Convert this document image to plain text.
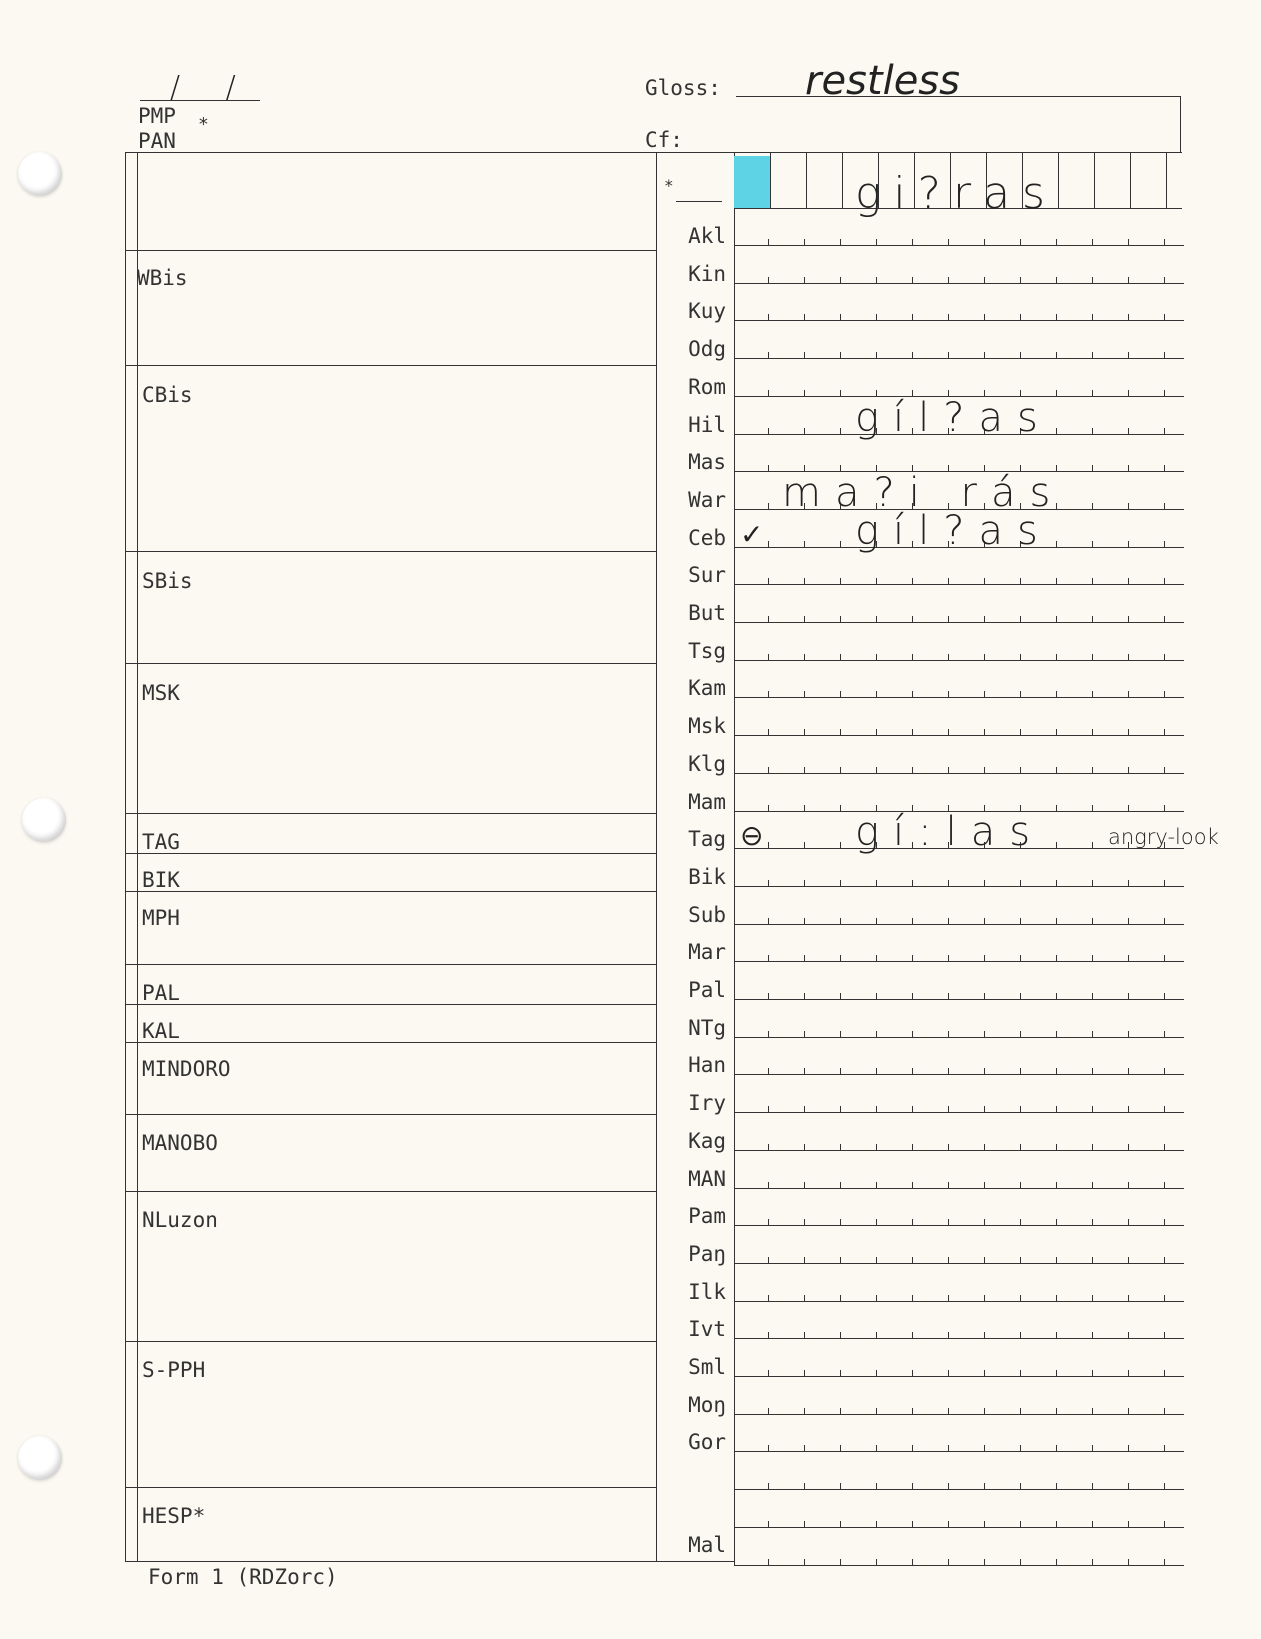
/ /
PMP *
PAN
Gloss: restless
Cf:
WBis
CBis
SBis
MSK
TAG
BIK
MPH
PAL
KAL
MINDORO
MANOBO
NLuzon
S-PPH
HESP*
*	gi?ras
Akl
Kin
Kuy
Odg
Rom
Hil
Mas
War
Ceb
Sur
But
Tsg
Kam
Msk
Klg
Mam
Tag
Bik
Sub
Mar
Pal
NTg
Han
Iry
Kag
MAN
Pam
Paŋ
Ilk
Ivt
Sml
Moŋ
Gor
Mal
gíl?as
ma?i rás
✓ gíl?as
⊖ gí:las	angry-look
Form 1 (RDZorc)
